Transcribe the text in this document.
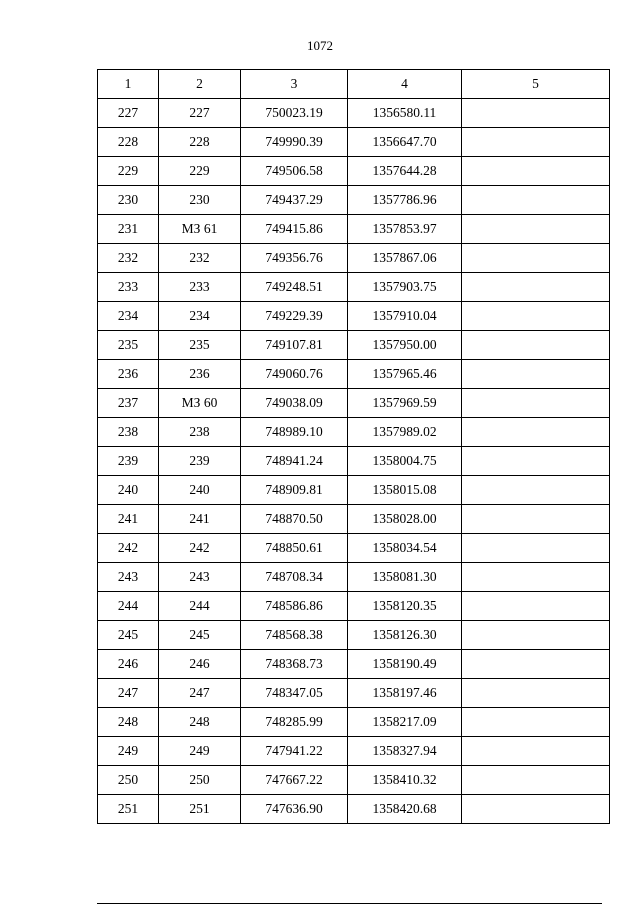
1072
1	2	3	4	5
227	227	750023.19	1356580.11	
228	228	749990.39	1356647.70	
229	229	749506.58	1357644.28	
230	230	749437.29	1357786.96	
231	МЗ 61	749415.86	1357853.97	
232	232	749356.76	1357867.06	
233	233	749248.51	1357903.75	
234	234	749229.39	1357910.04	
235	235	749107.81	1357950.00	
236	236	749060.76	1357965.46	
237	МЗ 60	749038.09	1357969.59	
238	238	748989.10	1357989.02	
239	239	748941.24	1358004.75	
240	240	748909.81	1358015.08	
241	241	748870.50	1358028.00	
242	242	748850.61	1358034.54	
243	243	748708.34	1358081.30	
244	244	748586.86	1358120.35	
245	245	748568.38	1358126.30	
246	246	748368.73	1358190.49	
247	247	748347.05	1358197.46	
248	248	748285.99	1358217.09	
249	249	747941.22	1358327.94	
250	250	747667.22	1358410.32	
251	251	747636.90	1358420.68	
